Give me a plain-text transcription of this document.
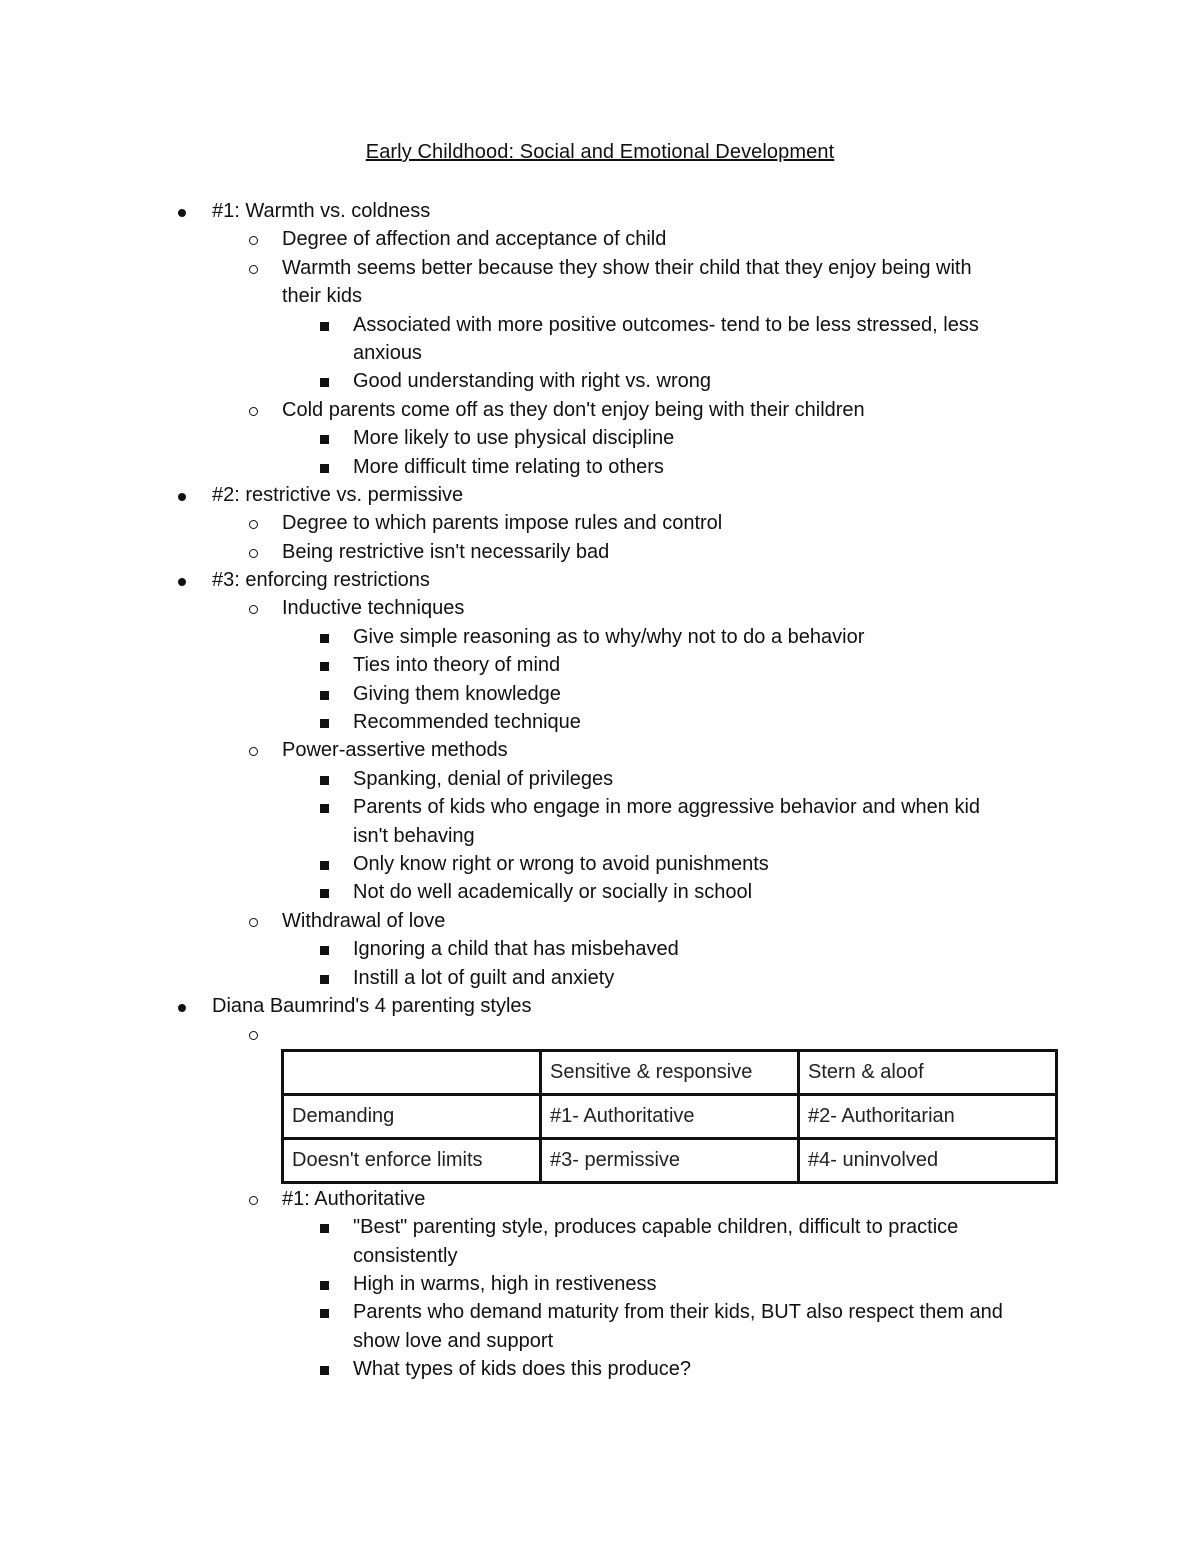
Early Childhood: Social and Emotional Development
#1: Warmth vs. coldness
Degree of affection and acceptance of child
Warmth seems better because they show their child that they enjoy being with
their kids
Associated with more positive outcomes- tend to be less stressed, less
anxious
Good understanding with right vs. wrong
Cold parents come off as they don't enjoy being with their children
More likely to use physical discipline
More difficult time relating to others
#2: restrictive vs. permissive
Degree to which parents impose rules and control
Being restrictive isn't necessarily bad
#3: enforcing restrictions
Inductive techniques
Give simple reasoning as to why/why not to do a behavior
Ties into theory of mind
Giving them knowledge
Recommended technique
Power-assertive methods
Spanking, denial of privileges
Parents of kids who engage in more aggressive behavior and when kid
isn't behaving
Only know right or wrong to avoid punishments
Not do well academically or socially in school
Withdrawal of love
Ignoring a child that has misbehaved
Instill a lot of guilt and anxiety
Diana Baumrind's 4 parenting styles
	Sensitive & responsive	Stern & aloof
Demanding	#1- Authoritative	#2- Authoritarian
Doesn't enforce limits	#3- permissive	#4- uninvolved
#1: Authoritative
"Best" parenting style, produces capable children, difficult to practice
consistently
High in warms, high in restiveness
Parents who demand maturity from their kids, BUT also respect them and
show love and support
What types of kids does this produce?
